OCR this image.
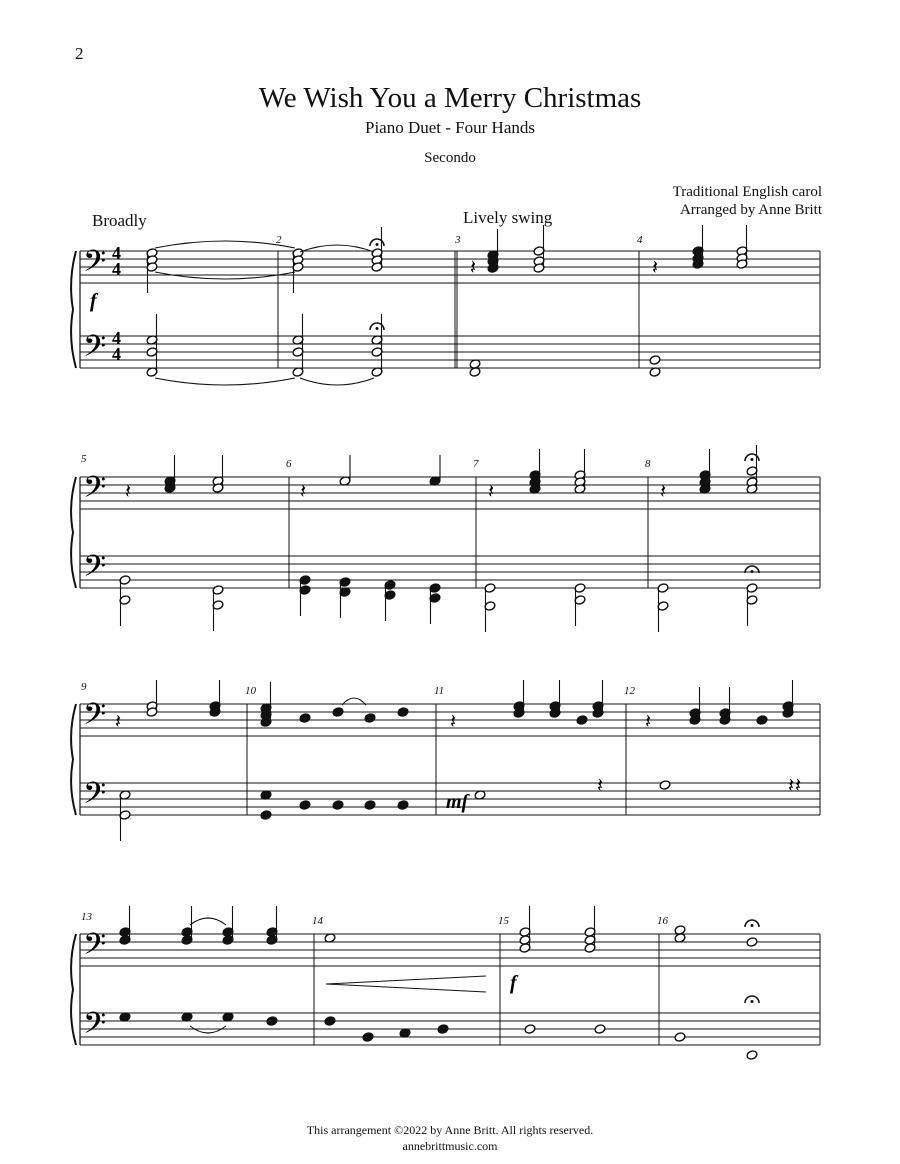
2
We Wish You a Merry Christmas
Piano Duet - Four Hands
Secondo
Traditional English carol
Arranged by Anne Britt
Broadly	Lively swing
𝄢
𝄢
𝄢
𝄢
𝄢
𝄢
𝄢
𝄢
𝄽	𝄽
𝄽	𝄽	𝄽	𝄽
𝄽	𝄽	𝄽
𝄽
𝄽	𝄽
4
4
4
4
f
mf
f
2	3	4
5	6	7	8
9	10	11	12
13	14	15	16
This arrangement ©2022 by Anne Britt. All rights reserved.
annebrittmusic.com
